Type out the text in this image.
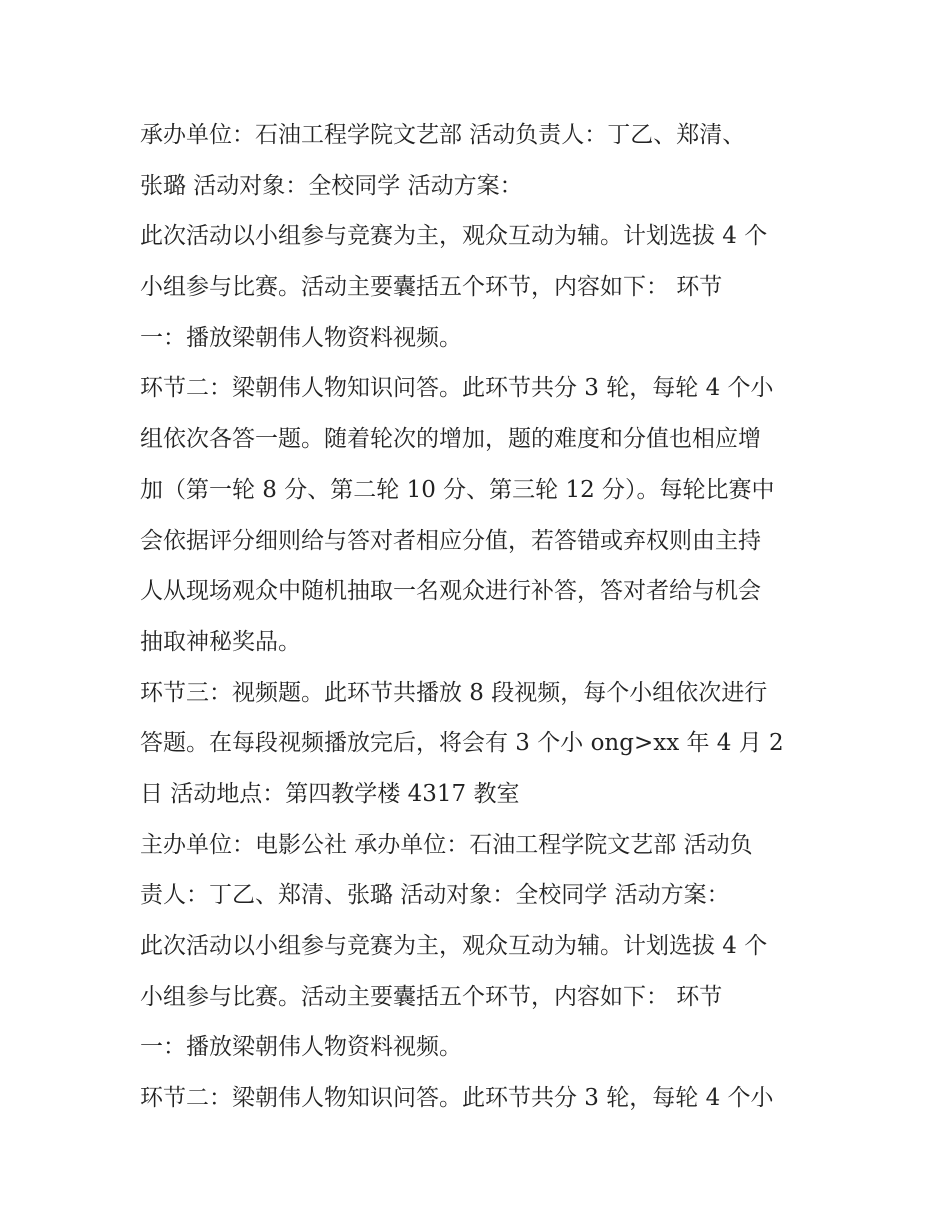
承办单位：石油工程学院文艺部 活动负责人：丁乙、郑清、
张璐 活动对象：全校同学 活动方案：
此次活动以小组参与竞赛为主，观众互动为辅。计划选拔 4 个
小组参与比赛。活动主要囊括五个环节，内容如下： 环节
一：播放梁朝伟人物资料视频。
环节二：梁朝伟人物知识问答。此环节共分 3 轮，每轮 4 个小
组依次各答一题。随着轮次的增加，题的难度和分值也相应增
加（第一轮 8 分、第二轮 10 分、第三轮 12 分）。每轮比赛中
会依据评分细则给与答对者相应分值，若答错或弃权则由主持
人从现场观众中随机抽取一名观众进行补答，答对者给与机会
抽取神秘奖品。
环节三：视频题。此环节共播放 8 段视频，每个小组依次进行
答题。在每段视频播放完后，将会有 3 个小 ong>xx 年 4 月 2
日 活动地点：第四教学楼 4317 教室
主办单位：电影公社 承办单位：石油工程学院文艺部 活动负
责人：丁乙、郑清、张璐 活动对象：全校同学 活动方案：
此次活动以小组参与竞赛为主，观众互动为辅。计划选拔 4 个
小组参与比赛。活动主要囊括五个环节，内容如下： 环节
一：播放梁朝伟人物资料视频。
环节二：梁朝伟人物知识问答。此环节共分 3 轮，每轮 4 个小
